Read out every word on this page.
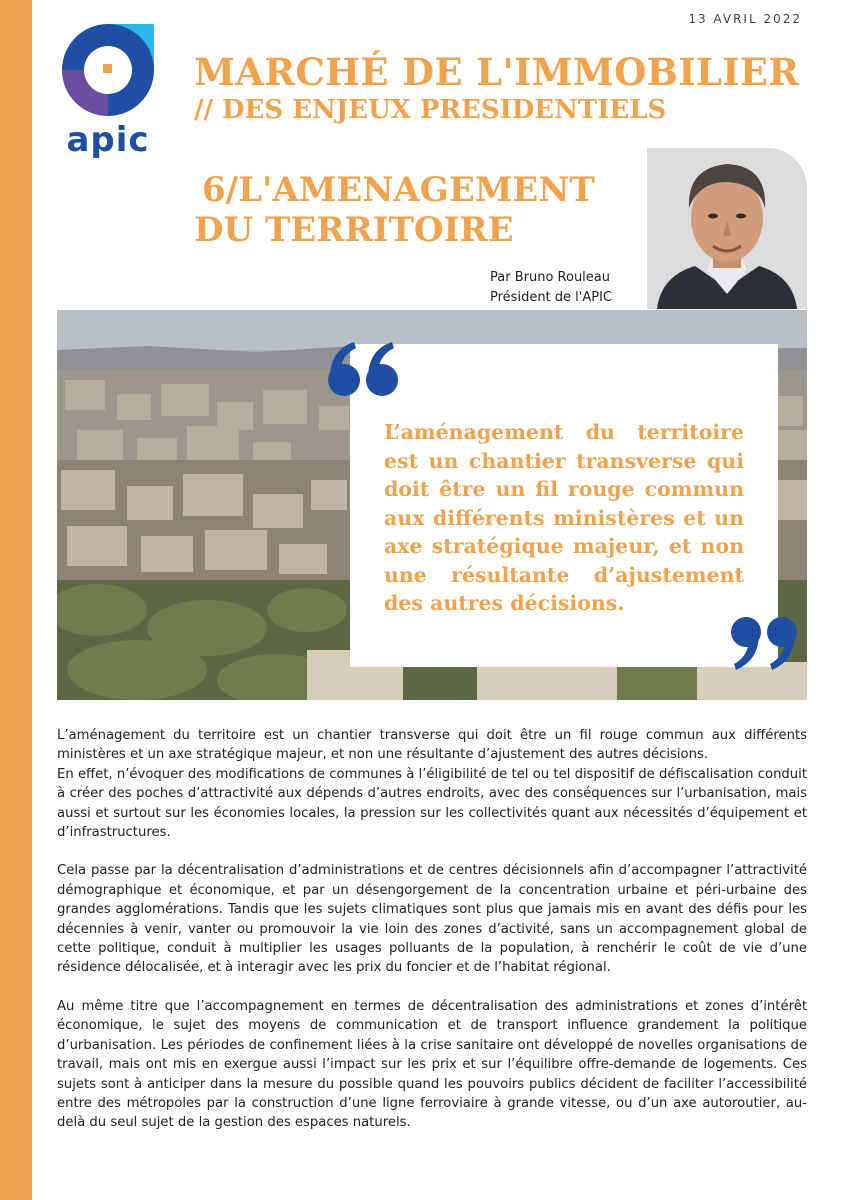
apic
13 AVRIL 2022
MARCHÉ DE L'IMMOBILIER
// DES ENJEUX PRESIDENTIELS
6/L'AMENAGEMENT
DU TERRITOIRE
Par Bruno Rouleau
Président de l'APIC
L’aménagement du territoire est un chantier transverse qui doit être un fil rouge commun aux différents ministères et un axe stratégique majeur, et non une résultante d’ajustement des autres décisions.

L’aménagement du territoire est un chantier transverse qui doit être un fil rouge commun aux différents ministères et un axe stratégique majeur, et non une résultante d’ajustement des autres décisions.

En effet, n’évoquer des modifications de communes à l’éligibilité de tel ou tel dispositif de défiscalisation conduit à créer des poches d’attractivité aux dépends d’autres endroits, avec des conséquences sur l’urbanisation, mais aussi et surtout sur les économies locales, la pression sur les collectivités quant aux nécessités d’équipement et d’infrastructures.

Cela passe par la décentralisation d’administrations et de centres décisionnels afin d’accompagner l’attractivité démographique et économique, et par un désengorgement de la concentration urbaine et péri-urbaine des grandes agglomérations. Tandis que les sujets climatiques sont plus que jamais mis en avant des défis pour les décennies à venir, vanter ou promouvoir la vie loin des zones d’activité, sans un accompagnement global de cette politique, conduit à multiplier les usages polluants de la population, à renchérir le coût de vie d’une résidence délocalisée, et à interagir avec les prix du foncier et de l’habitat régional.

Au même titre que l’accompagnement en termes de décentralisation des administrations et zones d’intérêt économique, le sujet des moyens de communication et de transport influence grandement la politique d’urbanisation. Les périodes de confinement liées à la crise sanitaire ont développé de novelles organisations de travail, mais ont mis en exergue aussi l’impact sur les prix et sur l’équilibre offre-demande de logements. Ces sujets sont à anticiper dans la mesure du possible quand les pouvoirs publics décident de faciliter l’accessibilité entre des métropoles par la construction d’une ligne ferroviaire à grande vitesse, ou d’un axe autoroutier, au-delà du seul sujet de la gestion des espaces naturels.
